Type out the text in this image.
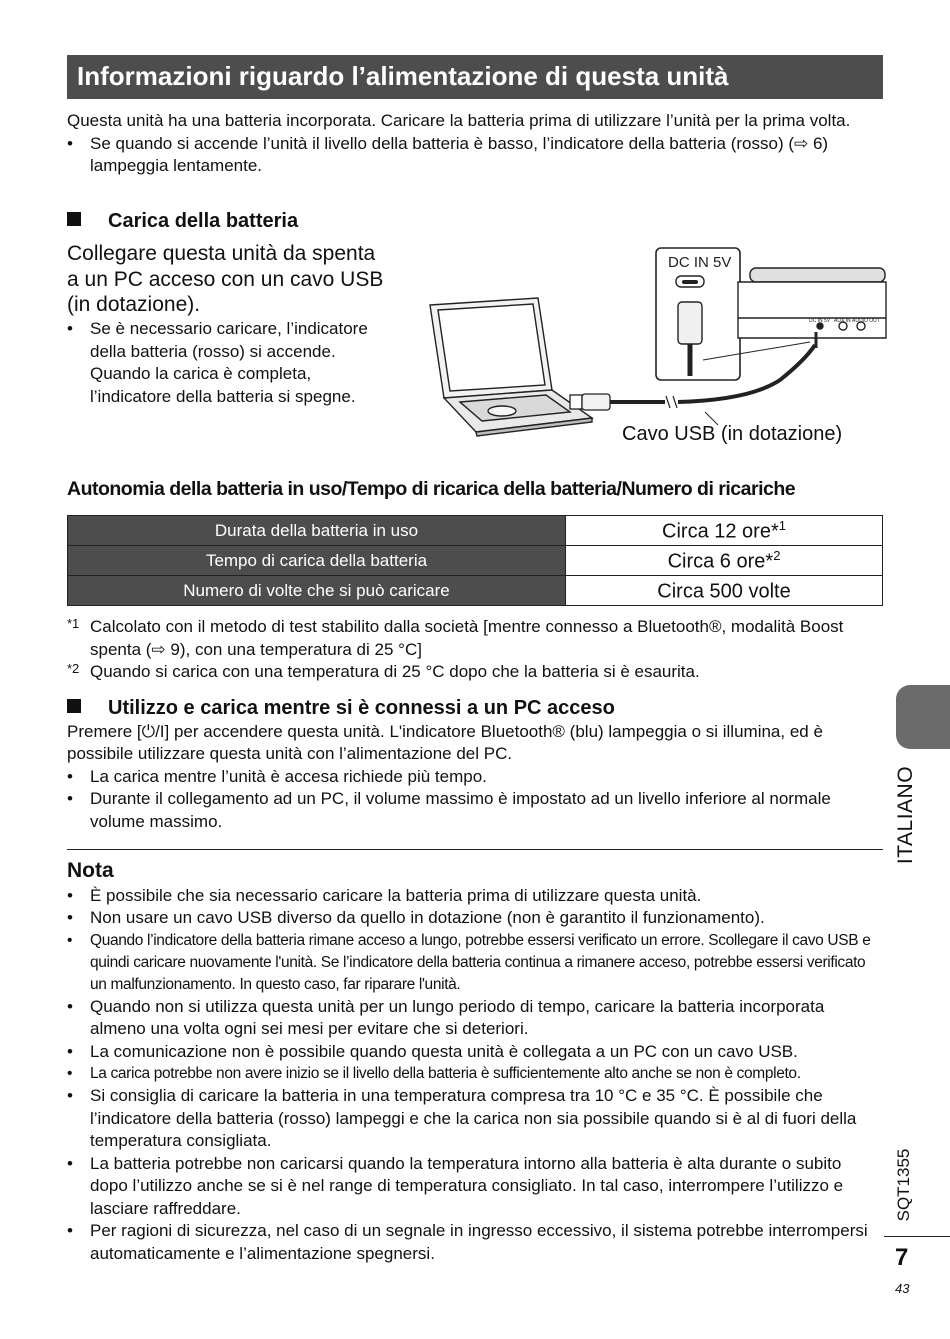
Informazioni riguardo l’alimentazione di questa unità
Questa unità ha una batteria incorporata. Caricare la batteria prima di utilizzare l’unità per la prima volta.
• Se quando si accende l’unità il livello della batteria è basso, l’indicatore della batteria (rosso) (⇨ 6) lampeggia lentamente.
Carica della batteria
Collegare questa unità da spenta a un PC acceso con un cavo USB (in dotazione).
• Se è necessario caricare, l’indicatore della batteria (rosso) si accende. Quando la carica è completa, l’indicatore della batteria si spegne.
DC IN 5V
DC IN 5V AUX IN AUDIO OUT
Cavo USB (in dotazione)
Autonomia della batteria in uso/Tempo di ricarica della batteria/Numero di ricariche
Durata della batteria in uso	Circa 12 ore*$^1$
Tempo di carica della batteria	Circa 6 ore*$^2$
Numero di volte che si può caricare	Circa 500 volte
*1 Calcolato con il metodo di test stabilito dalla società [mentre connesso a Bluetooth®, modalità Boost spenta (⇨ 9), con una temperatura di 25 °C]
*2 Quando si carica con una temperatura di 25 °C dopo che la batteria si è esaurita.
Utilizzo e carica mentre si è connessi a un PC acceso
Premere [⏻/I] per accendere questa unità. L'indicatore Bluetooth® (blu) lampeggia o si illumina, ed è possibile utilizzare questa unità con l’alimentazione del PC.
• La carica mentre l’unità è accesa richiede più tempo.
• Durante il collegamento ad un PC, il volume massimo è impostato ad un livello inferiore al normale volume massimo.
Nota
• È possibile che sia necessario caricare la batteria prima di utilizzare questa unità.
• Non usare un cavo USB diverso da quello in dotazione (non è garantito il funzionamento).
• Quando l’indicatore della batteria rimane acceso a lungo, potrebbe essersi verificato un errore. Scollegare il cavo USB e quindi caricare nuovamente l'unità. Se l’indicatore della batteria continua a rimanere acceso, potrebbe essersi verificato un malfunzionamento. In questo caso, far riparare l'unità.
• Quando non si utilizza questa unità per un lungo periodo di tempo, caricare la batteria incorporata almeno una volta ogni sei mesi per evitare che si deteriori.
• La comunicazione non è possibile quando questa unità è collegata a un PC con un cavo USB.
• La carica potrebbe non avere inizio se il livello della batteria è sufficientemente alto anche se non è completo.
• Si consiglia di caricare la batteria in una temperatura compresa tra 10 °C e 35 °C. È possibile che l’indicatore della batteria (rosso) lampeggi e che la carica non sia possibile quando si è al di fuori della temperatura consigliata.
• La batteria potrebbe non caricarsi quando la temperatura intorno alla batteria è alta durante o subito dopo l’utilizzo anche se si è nel range di temperatura consigliato. In tal caso, interrompere l’utilizzo e lasciare raffreddare.
• Per ragioni di sicurezza, nel caso di un segnale in ingresso eccessivo, il sistema potrebbe interrompersi automaticamente e l’alimentazione spegnersi.
ITALIANO
SQT1355
7
43
